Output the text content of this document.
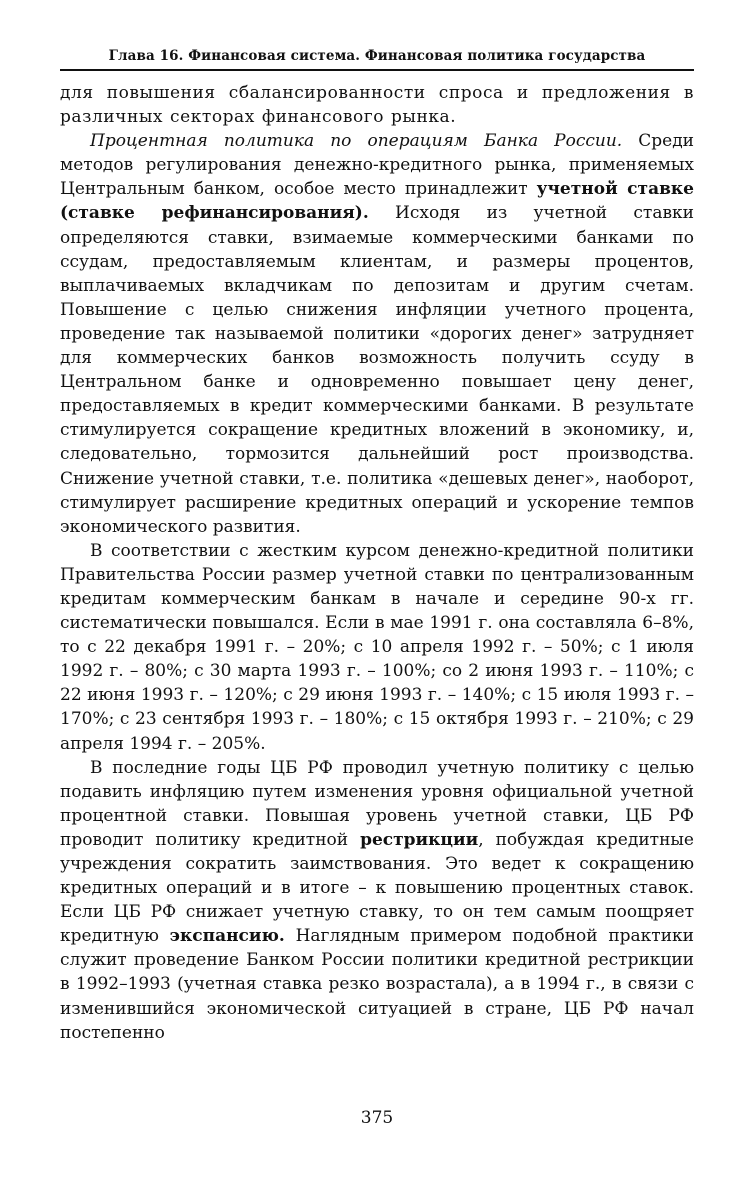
Глава 16. Финансовая система. Финансовая политика государства

для повышения сбалансированности спроса и предложения в различных секторах финансового рынка.

Процентная политика по операциям Банка России. Среди методов регулирования денежно-кредитного рынка, применяемых Центральным банком, особое место принадлежит учетной ставке (ставке рефинансирования). Исходя из учетной ставки определяются ставки, взимаемые коммерческими банками по ссудам, предоставляемым клиентам, и размеры процентов, выплачиваемых вкладчикам по депозитам и другим счетам. Повышение с целью снижения инфляции учетного процента, проведение так называемой политики «дорогих денег» затрудняет для коммерческих банков возможность получить ссуду в Центральном банке и одновременно повышает цену денег, предоставляемых в кредит коммерческими банками. В результате стимулируется сокращение кредитных вложений в экономику, и, следовательно, тормозится дальнейший рост производства. Снижение учетной ставки, т.е. политика «дешевых денег», наоборот, стимулирует расширение кредитных операций и ускорение темпов экономического развития.

В соответствии с жестким курсом денежно-кредитной политики Правительства России размер учетной ставки по централизованным кредитам коммерческим банкам в начале и середине 90-х гг. систематически повышался. Если в мае 1991 г. она составляла 6–8%, то с 22 декабря 1991 г. – 20%; с 10 апреля 1992 г. – 50%; с 1 июля 1992 г. – 80%; с 30 марта 1993 г. – 100%; со 2 июня 1993 г. – 110%; с 22 июня 1993 г. – 120%; с 29 июня 1993 г. – 140%; с 15 июля 1993 г. – 170%; с 23 сентября 1993 г. – 180%; с 15 октября 1993 г. – 210%; с 29 апреля 1994 г. – 205%.

В последние годы ЦБ РФ проводил учетную политику с целью подавить инфляцию путем изменения уровня официальной учетной процентной ставки. Повышая уровень учетной ставки, ЦБ РФ проводит политику кредитной рестрикции, побуждая кредитные учреждения сократить заимствования. Это ведет к сокращению кредитных операций и в итоге – к повышению процентных ставок. Если ЦБ РФ снижает учетную ставку, то он тем самым поощряет кредитную экспансию. Наглядным примером подобной практики служит проведение Банком России политики кредитной рестрикции в 1992–1993 (учетная ставка резко возрастала), а в 1994 г., в связи с изменившийся экономической ситуацией в стране, ЦБ РФ начал постепенно

375
